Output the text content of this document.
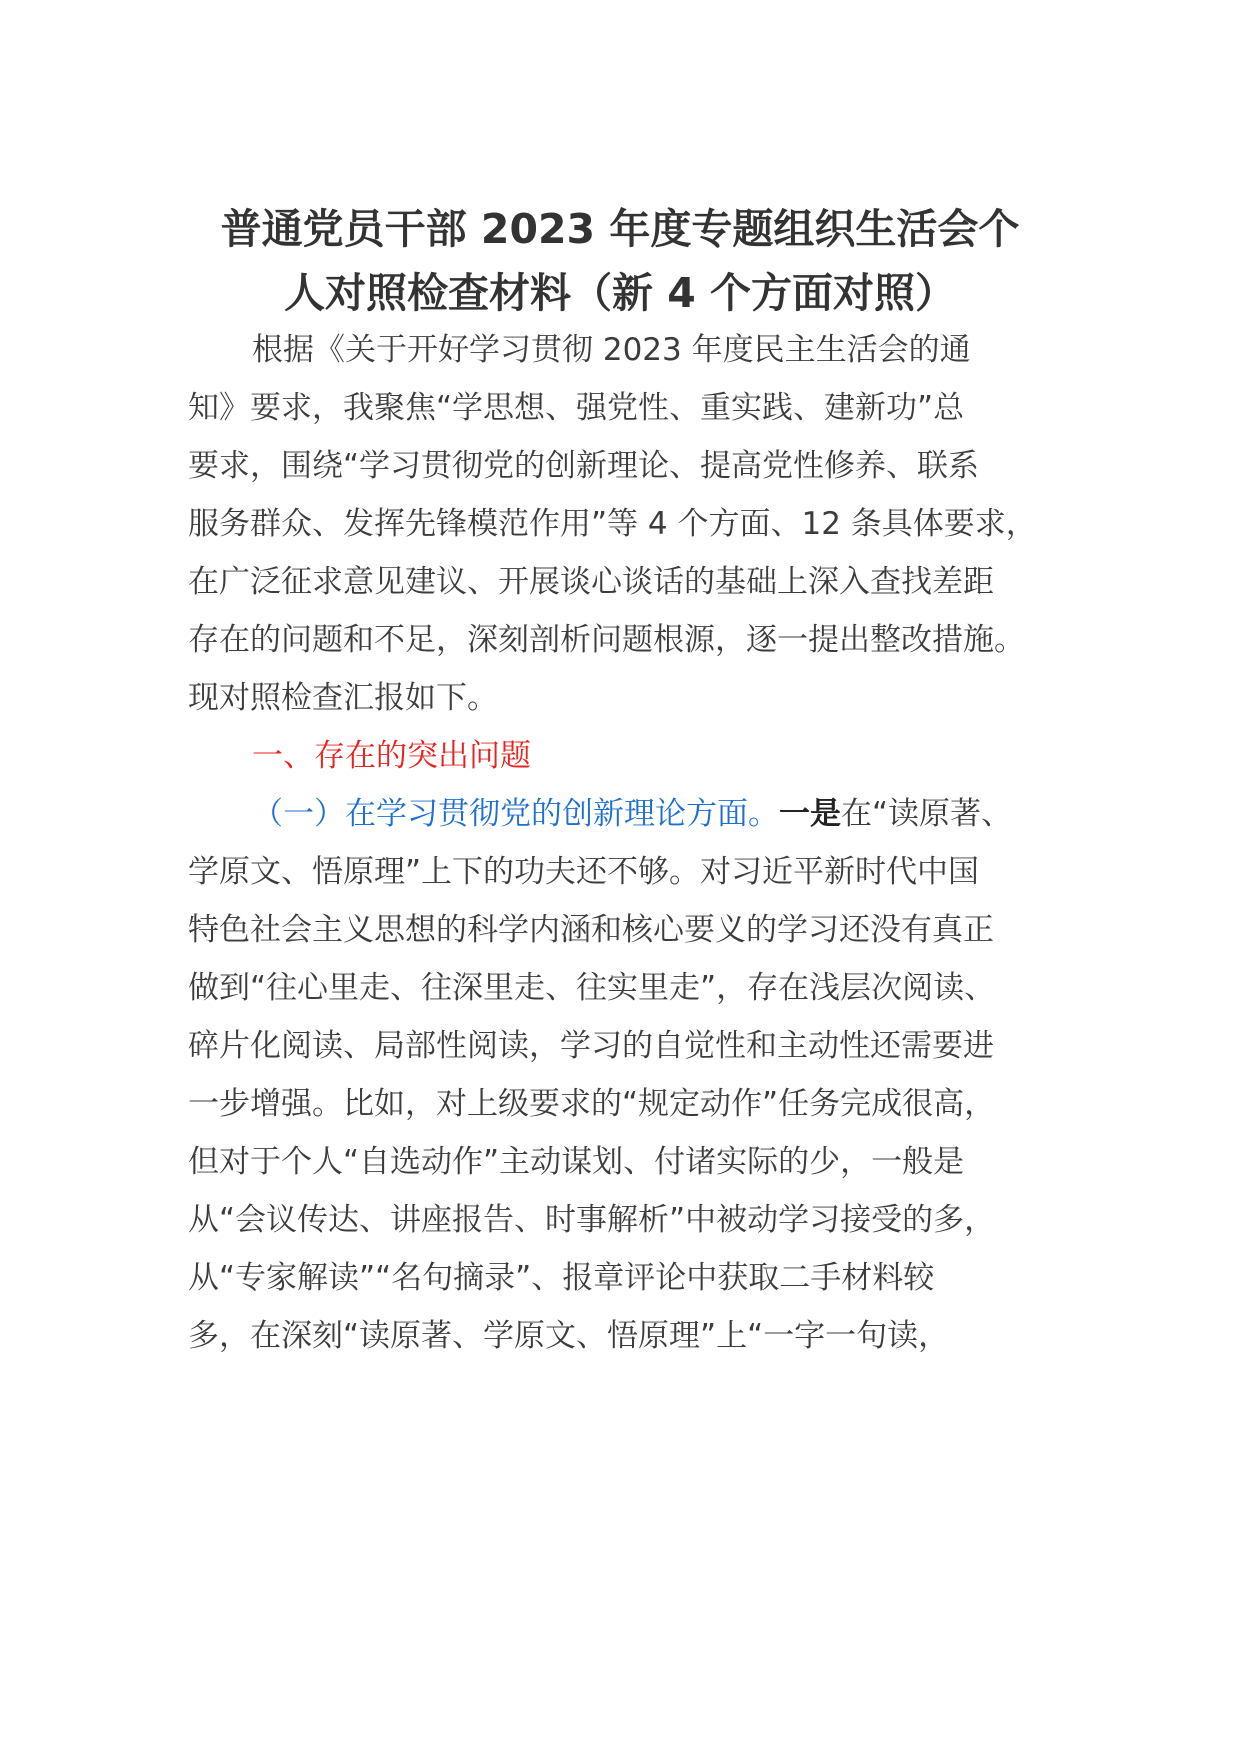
普通党员干部 2023 年度专题组织生活会个
人对照检查材料（新 4 个方面对照）
根据《关于开好学习贯彻 2023 年度民主生活会的通
知》要求，我聚焦“学思想、强党性、重实践、建新功”总
要求，围绕“学习贯彻党的创新理论、提高党性修养、联系
服务群众、发挥先锋模范作用”等 4 个方面、12 条具体要求，
在广泛征求意见建议、开展谈心谈话的基础上深入查找差距
存在的问题和不足，深刻剖析问题根源，逐一提出整改措施。
现对照检查汇报如下。
一、存在的突出问题
（一）在学习贯彻党的创新理论方面。一是在“读原著、
学原文、悟原理”上下的功夫还不够。对习近平新时代中国
特色社会主义思想的科学内涵和核心要义的学习还没有真正
做到“往心里走、往深里走、往实里走”，存在浅层次阅读、
碎片化阅读、局部性阅读，学习的自觉性和主动性还需要进
一步增强。比如，对上级要求的“规定动作”任务完成很高，
但对于个人“自选动作”主动谋划、付诸实际的少，一般是
从“会议传达、讲座报告、时事解析”中被动学习接受的多，
从“专家解读”“名句摘录”、报章评论中获取二手材料较
多，在深刻“读原著、学原文、悟原理”上“一字一句读，
